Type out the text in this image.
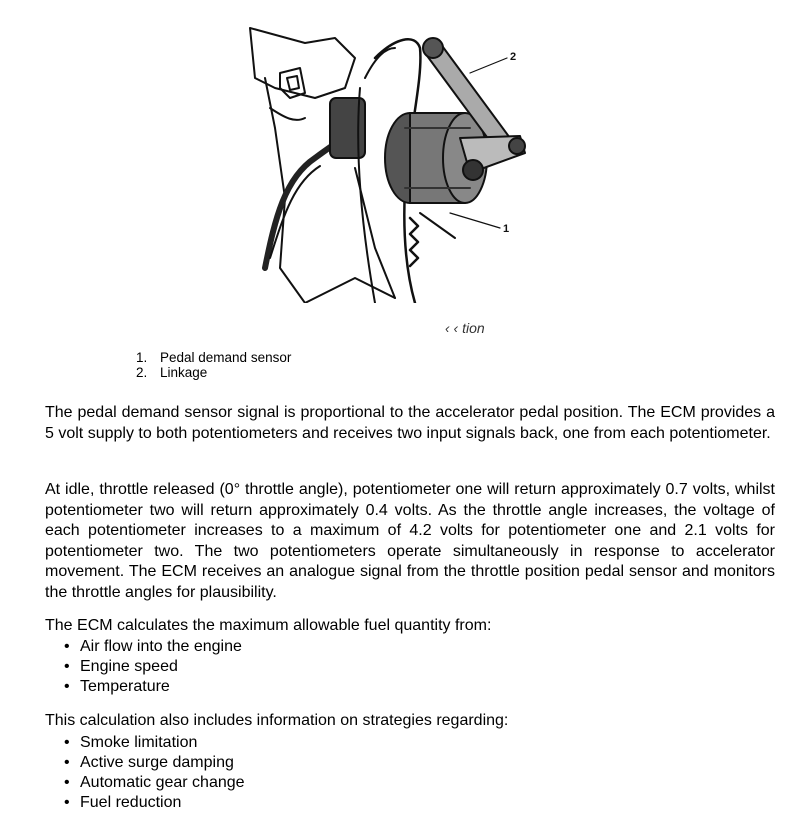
1
2
‹ ‹ tion
1. Pedal demand sensor
2. Linkage

The pedal demand sensor signal is proportional to the accelerator pedal position. The ECM provides a 5 volt supply to both potentiometers and receives two input signals back, one from each potentiometer.

At idle, throttle released (0° throttle angle), potentiometer one will return approximately 0.7 volts, whilst potentiometer two will return approximately 0.4 volts. As the throttle angle increases, the voltage of each potentiometer increases to a maximum of 4.2 volts for potentiometer one and 2.1 volts for potentiometer two. The two potentiometers operate simultaneously in response to accelerator movement. The ECM receives an analogue signal from the throttle position pedal sensor and monitors the throttle angles for plausibility.

The ECM calculates the maximum allowable fuel quantity from:

• Air flow into the engine
• Engine speed
• Temperature

This calculation also includes information on strategies regarding:

• Smoke limitation
• Active surge damping
• Automatic gear change
• Fuel reduction
